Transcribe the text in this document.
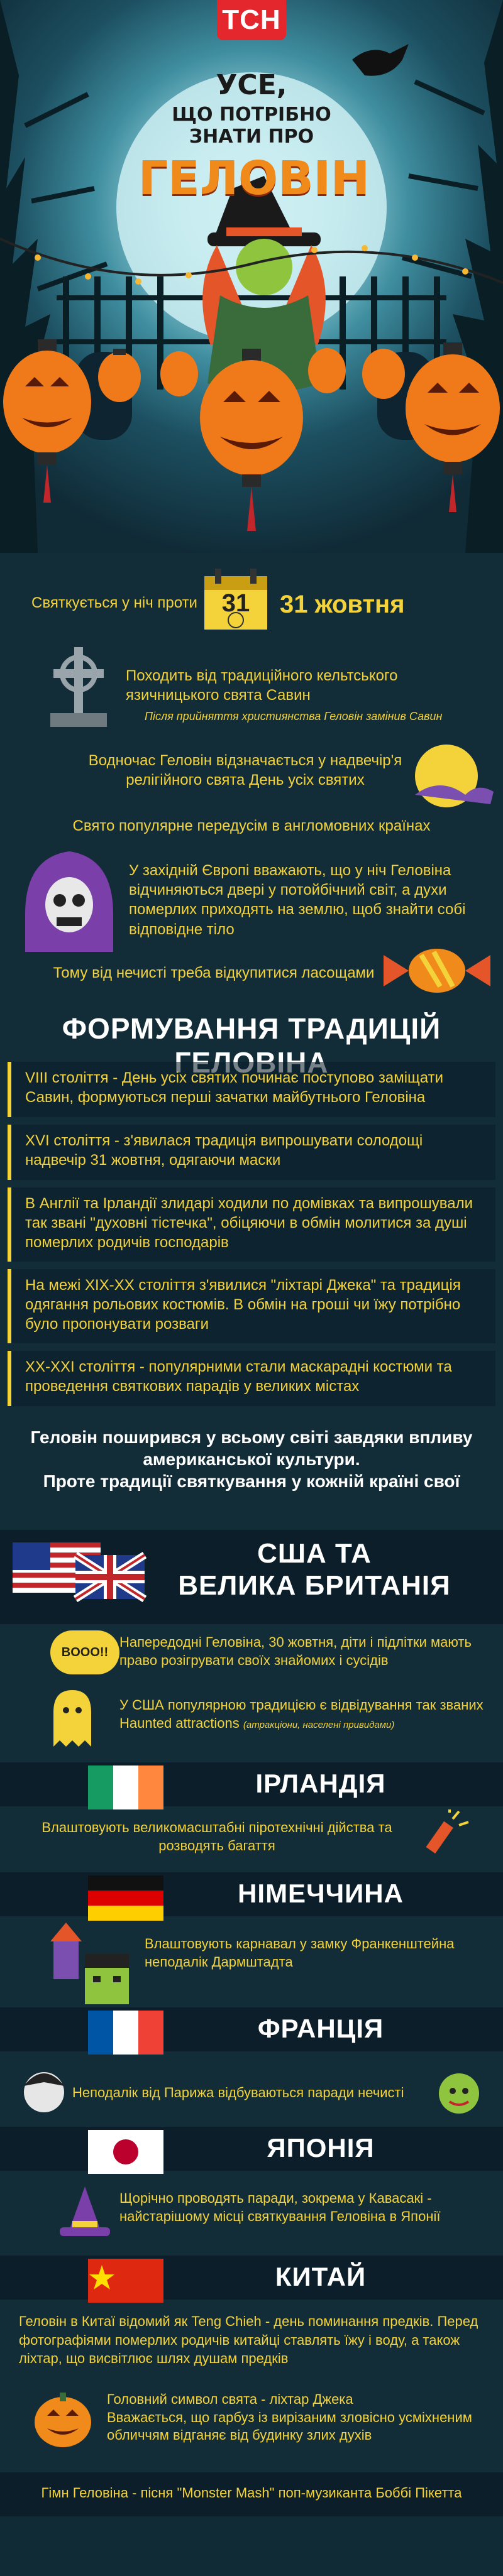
ТСН
УСЕ,
ЩО ПОТРІБНО ЗНАТИ ПРО
ГЕЛОВІН
Святкується у ніч проти 31	31 жовтня
Походить від традиційного кельтського язичницького свята Савин
Після прийняття християнства Геловін замінив Савин
Водночас Геловін відзначається у надвечір'я релігійного свята День усіх святих
Свято популярне передусім в англомовних країнах
У західній Європі вважають, що у ніч Геловіна відчиняються двері у потойбічний світ, а духи померлих приходять на землю, щоб знайти собі відповідне тіло
Тому від нечисті треба відкупитися ласощами
ФОРМУВАННЯ ТРАДИЦІЙ
VIII століття - День усіх святих починає поступово заміщати Савин, формуються перші зачатки майбутнього Геловіна
XVI століття - з'явилася традиція випрошувати солодощі надвечір 31 жовтня, одягаючи маски
В Англії та Ірландії злидарі ходили по домівках та випрошували так звані "духовні тістечка", обіцяючи в обмін молитися за душі померлих родичів господарів
На межі XIX-XX століття з'явилися "ліхтарі Джека" та традиція одягання рольових костюмів. В обмін на гроші чи їжу потрібно було пропонувати розваги
XX-XXI століття - популярними стали маскарадні костюми та проведення святкових парадів у великих містах
Геловін поширився у всьому світі завдяки впливу американської культури.
Проте традиції святкування у кожній країні свої
США ТА
ВЕЛИКА БРИТАНІЯ
BOOO!!
Напередодні Геловіна, 30 жовтня, діти і підлітки мають право розігрувати своїх знайомих і сусідів
У США популярною традицією є відвідування так званих Haunted attractions (атракціони, населені привидами)
ІРЛАНДІЯ
Влаштовують великомасштабні піротехнічні дійства та розводять багаття
НІМЕЧЧИНА
Влаштовують карнавал у замку Франкенштейна неподалік Дармштадта
ФРАНЦІЯ
Неподалік від Парижа відбуваються паради нечисті
ЯПОНІЯ
Щорічно проводять паради, зокрема у Кавасакі - найстарішому місці святкування Геловіна в Японії
КИТАЙ
Геловін в Китаї відомий як Teng Chieh - день поминання предків. Перед фотографіями померлих родичів китайці ставлять їжу і воду, а також ліхтар, що висвітлює шлях душам предків
Головний символ свята - ліхтар Джека
Вважається, що гарбуз із вирізаним зловісно усміхненим обличчям відганяє від будинку злих духів
Гімн Геловіна - пісня "Monster Mash" поп-музиканта Боббі Пікетта
